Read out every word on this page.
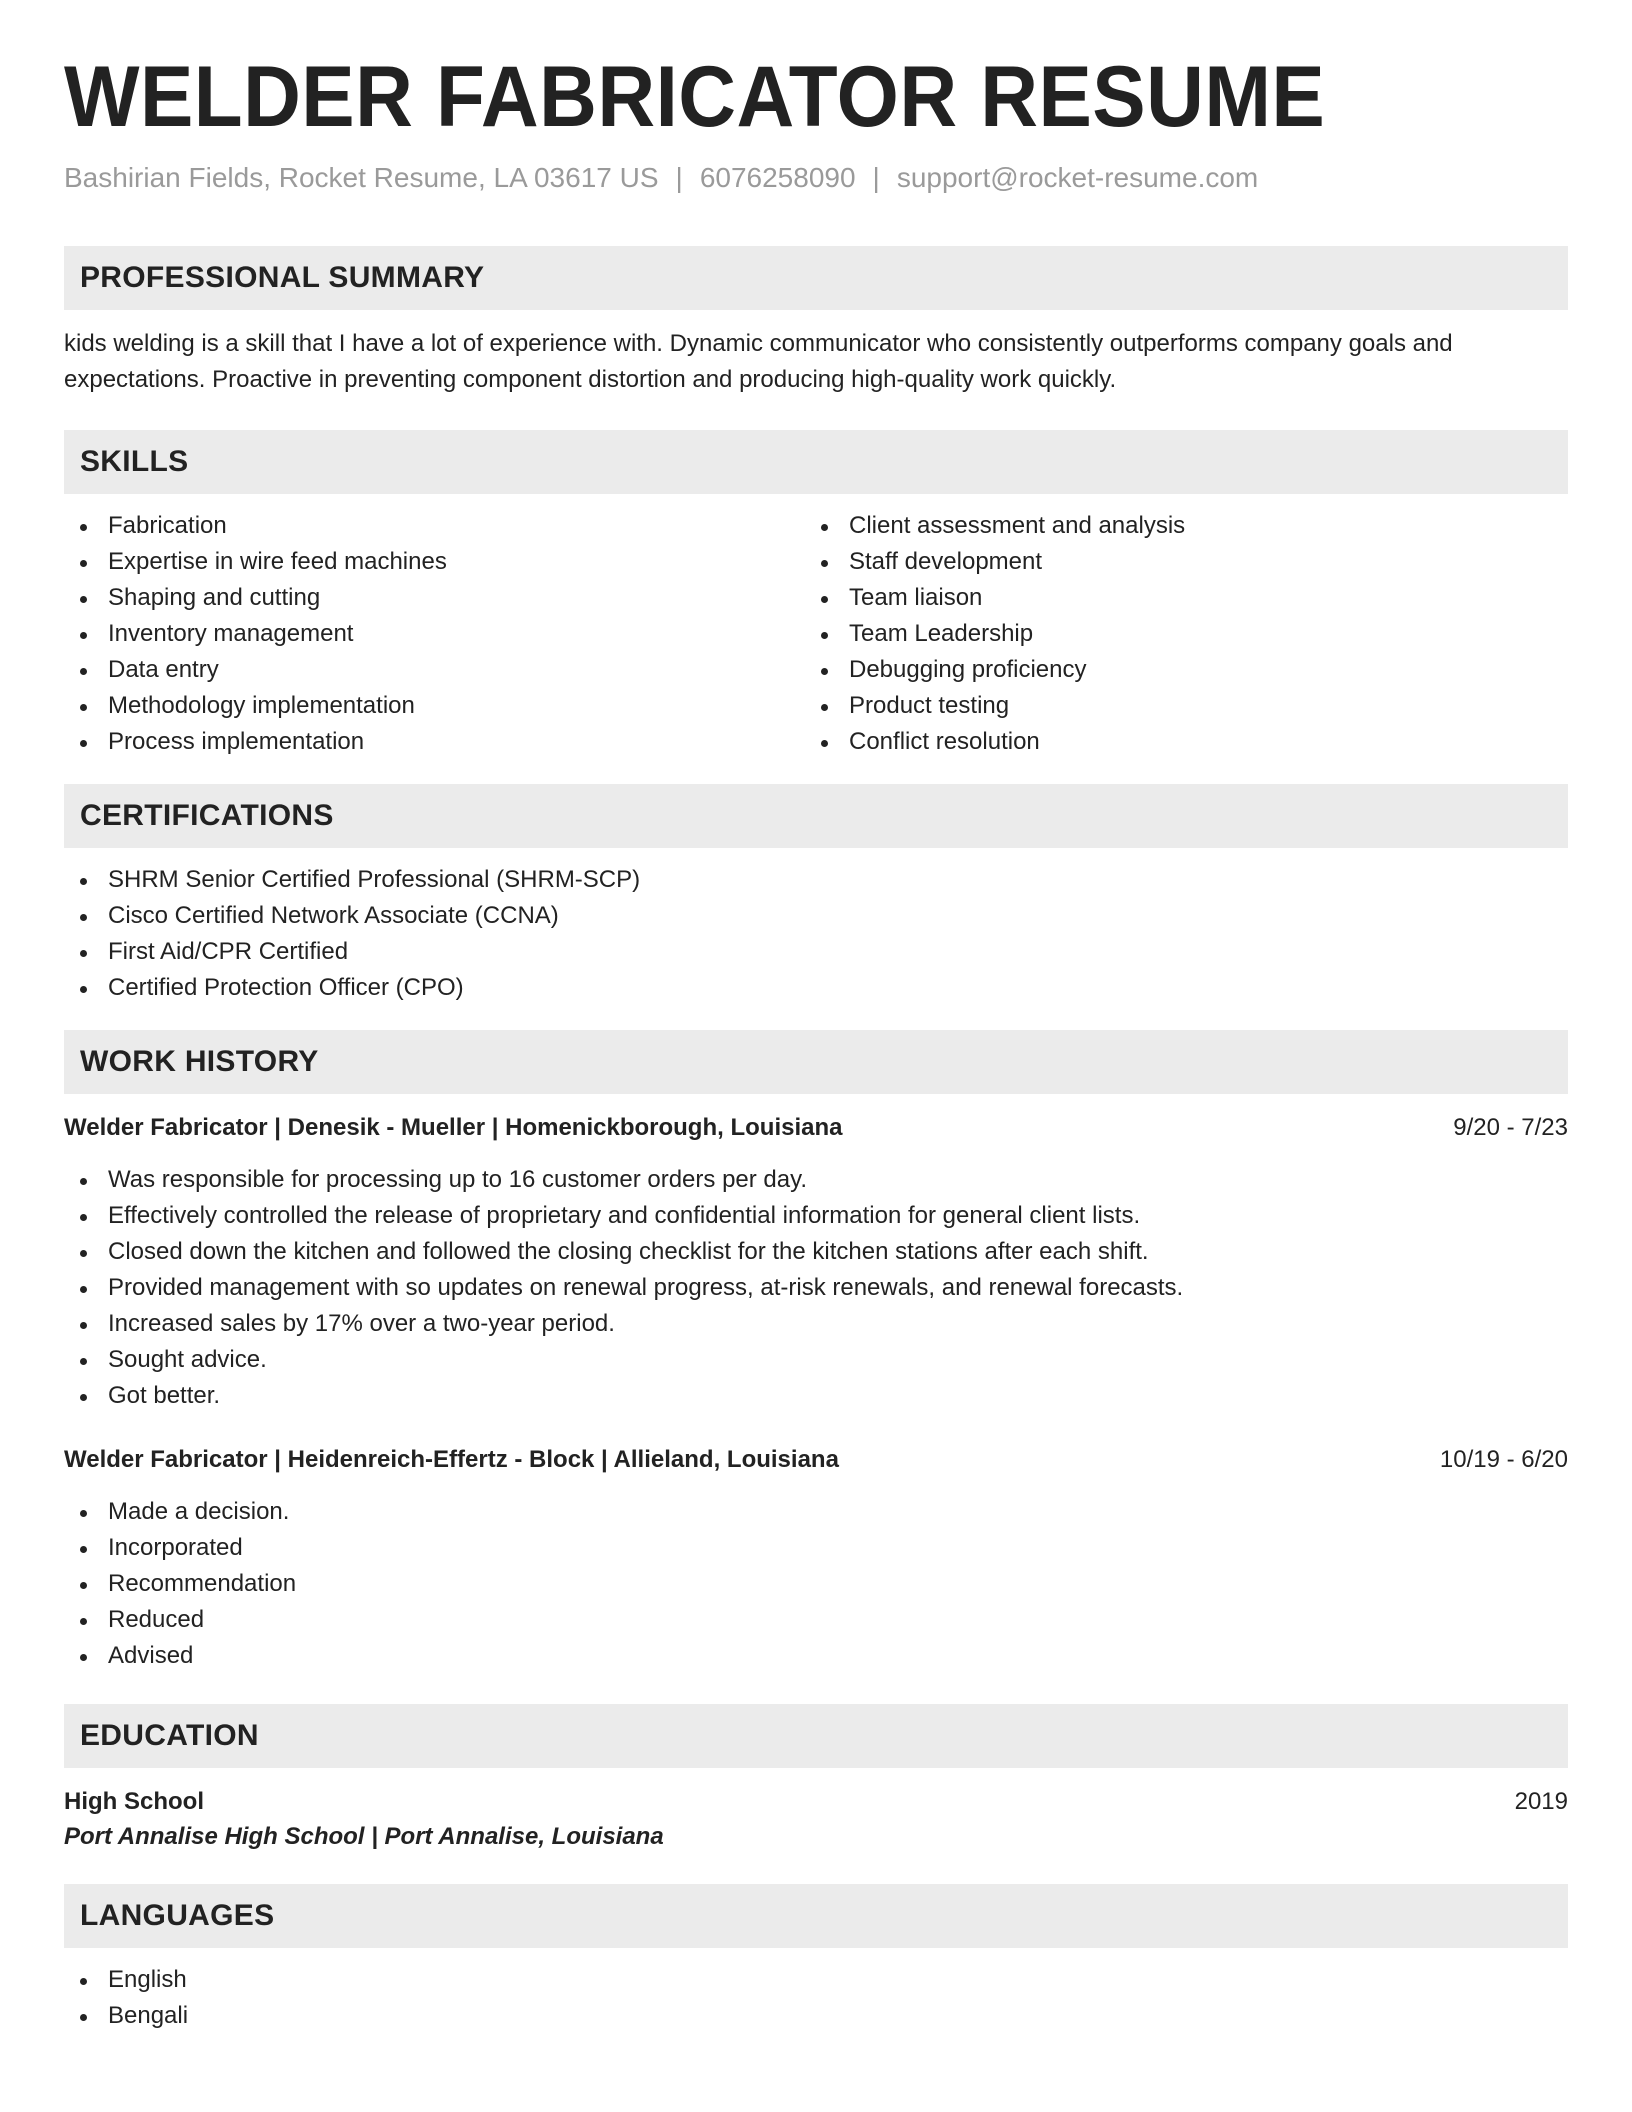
WELDER FABRICATOR RESUME
Bashirian Fields, Rocket Resume, LA 03617 US | 6076258090 | support@rocket-resume.com
PROFESSIONAL SUMMARY

kids welding is a skill that I have a lot of experience with. Dynamic communicator who consistently outperforms company goals and expectations. Proactive in preventing component distortion and producing high-quality work quickly.

SKILLS
Fabrication
Expertise in wire feed machines
Shaping and cutting
Inventory management
Data entry
Methodology implementation
Process implementation
Client assessment and analysis
Staff development
Team liaison
Team Leadership
Debugging proficiency
Product testing
Conflict resolution
CERTIFICATIONS
SHRM Senior Certified Professional (SHRM-SCP)
Cisco Certified Network Associate (CCNA)
First Aid/CPR Certified
Certified Protection Officer (CPO)
WORK HISTORY
Welder Fabricator | Denesik - Mueller | Homenickborough, Louisiana	9/20 - 7/23
Was responsible for processing up to 16 customer orders per day.
Effectively controlled the release of proprietary and confidential information for general client lists.
Closed down the kitchen and followed the closing checklist for the kitchen stations after each shift.
Provided management with so updates on renewal progress, at-risk renewals, and renewal forecasts.
Increased sales by 17% over a two-year period.
Sought advice.
Got better.
Welder Fabricator | Heidenreich-Effertz - Block | Allieland, Louisiana	10/19 - 6/20
Made a decision.
Incorporated
Recommendation
Reduced
Advised
EDUCATION
High School	2019
Port Annalise High School | Port Annalise, Louisiana
LANGUAGES
English
Bengali
